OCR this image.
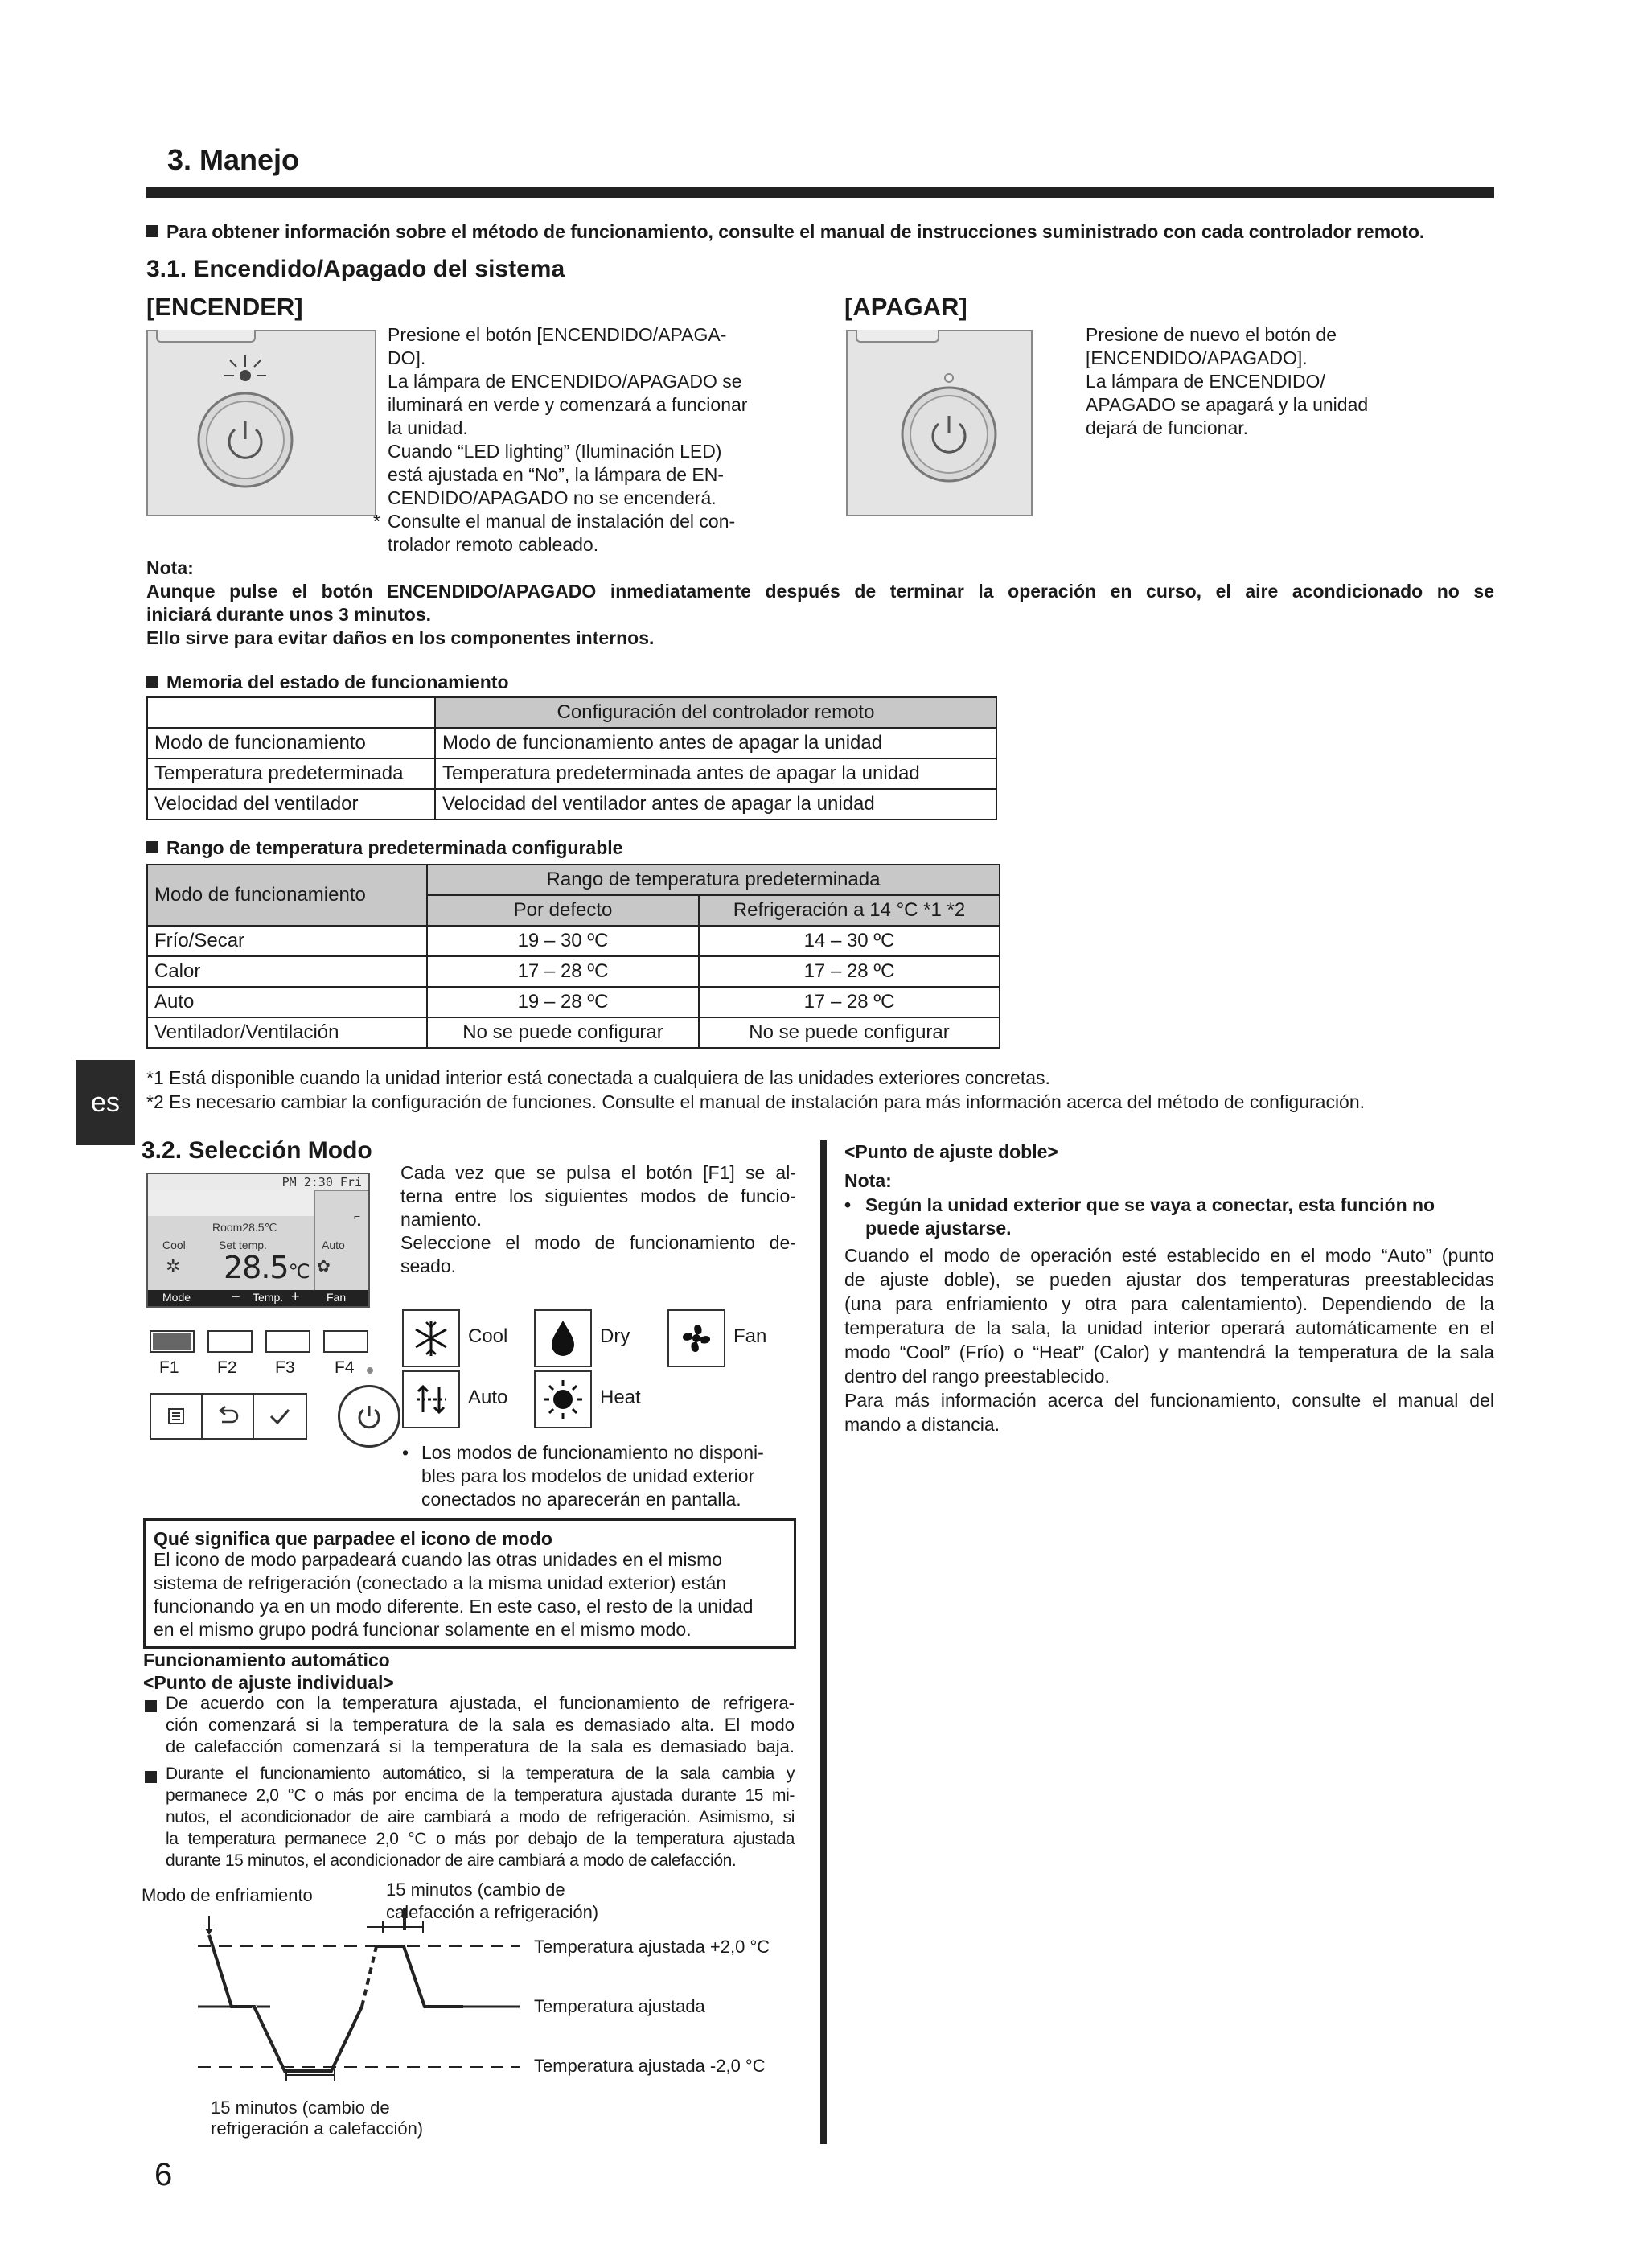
3. Manejo
Para obtener información sobre el método de funcionamiento, consulte el manual de instrucciones suministrado con cada controlador remoto.
3.1. Encendido/Apagado del sistema
[ENCENDER]
Presione el botón [ENCENDIDO/APAGA-
DO].
La lámpara de ENCENDIDO/APAGADO se
iluminará en verde y comenzará a funcionar
la unidad.
Cuando “LED lighting” (Iluminación LED)
está ajustada en “No”, la lámpara de EN-
CENDIDO/APAGADO no se encenderá.
* Consulte el manual de instalación del con-
trolador remoto cableado.
[APAGAR]
Presione de nuevo el botón de
[ENCENDIDO/APAGADO].
La lámpara de ENCENDIDO/
APAGADO se apagará y la unidad
dejará de funcionar.
Nota:
Aunque pulse el botón ENCENDIDO/APAGADO inmediatamente después de terminar la operación en curso, el aire acondicionado no se
iniciará durante unos 3 minutos.
Ello sirve para evitar daños en los componentes internos.
Memoria del estado de funcionamiento
	Configuración del controlador remoto
Modo de funcionamiento	Modo de funcionamiento antes de apagar la unidad
Temperatura predeterminada	Temperatura predeterminada antes de apagar la unidad
Velocidad del ventilador	Velocidad del ventilador antes de apagar la unidad
Rango de temperatura predeterminada configurable
Modo de funcionamiento	Rango de temperatura predeterminada	
	Por defecto	Refrigeración a 14 °C *1 *2
Frío/Secar	19 – 30 ºC	14 – 30 ºC
Calor	17 – 28 ºC	17 – 28 ºC
Auto	19 – 28 ºC	17 – 28 ºC
Ventilador/Ventilación	No se puede configurar	No se puede configurar
*1 Está disponible cuando la unidad interior está conectada a cualquiera de las unidades exteriores concretas.
*2 Es necesario cambiar la configuración de funciones. Consulte el manual de instalación para más información acerca del método de configuración.
es
3.2. Selección Modo
PM 2:30 Fri
Room28.5℃
⌐
Set temp.
Cool	Auto
✲	✿
28.5℃
Mode	− Temp. + Fan
F1 F2 F3 F4
Cada vez que se pulsa el botón [F1] se al-
terna entre los siguientes modos de funcio-
namiento.
Seleccione el modo de funcionamiento de-
seado.
Cool	Dry	Fan
Auto	Heat
• Los modos de funcionamiento no disponi-
bles para los modelos de unidad exterior
conectados no aparecerán en pantalla.
Qué significa que parpadee el icono de modo
El icono de modo parpadeará cuando las otras unidades en el mismo
sistema de refrigeración (conectado a la misma unidad exterior) están
funcionando ya en un modo diferente. En este caso, el resto de la unidad
en el mismo grupo podrá funcionar solamente en el mismo modo.
Funcionamiento automático
<Punto de ajuste individual>
De acuerdo con la temperatura ajustada, el funcionamiento de refrigera-
ción comenzará si la temperatura de la sala es demasiado alta. El modo
de calefacción comenzará si la temperatura de la sala es demasiado baja.
Durante el funcionamiento automático, si la temperatura de la sala cambia y
permanece 2,0 °C o más por encima de la temperatura ajustada durante 15 mi-
nutos, el acondicionador de aire cambiará a modo de refrigeración. Asimismo, si
la temperatura permanece 2,0 °C o más por debajo de la temperatura ajustada
durante 15 minutos, el acondicionador de aire cambiará a modo de calefacción.
Modo de enfriamiento	15 minutos (cambio de
calefacción a refrigeración)
Temperatura ajustada +2,0 °C
Temperatura ajustada
Temperatura ajustada -2,0 °C
15 minutos (cambio de
refrigeración a calefacción)
<Punto de ajuste doble>
Nota:
• Según la unidad exterior que se vaya a conectar, esta función no
puede ajustarse.
Cuando el modo de operación esté establecido en el modo “Auto” (punto
de ajuste doble), se pueden ajustar dos temperaturas preestablecidas
(una para enfriamiento y otra para calentamiento). Dependiendo de la
temperatura de la sala, la unidad interior operará automáticamente en el
modo “Cool” (Frío) o “Heat” (Calor) y mantendrá la temperatura de la sala
dentro del rango preestablecido.
Para más información acerca del funcionamiento, consulte el manual del
mando a distancia.
6
